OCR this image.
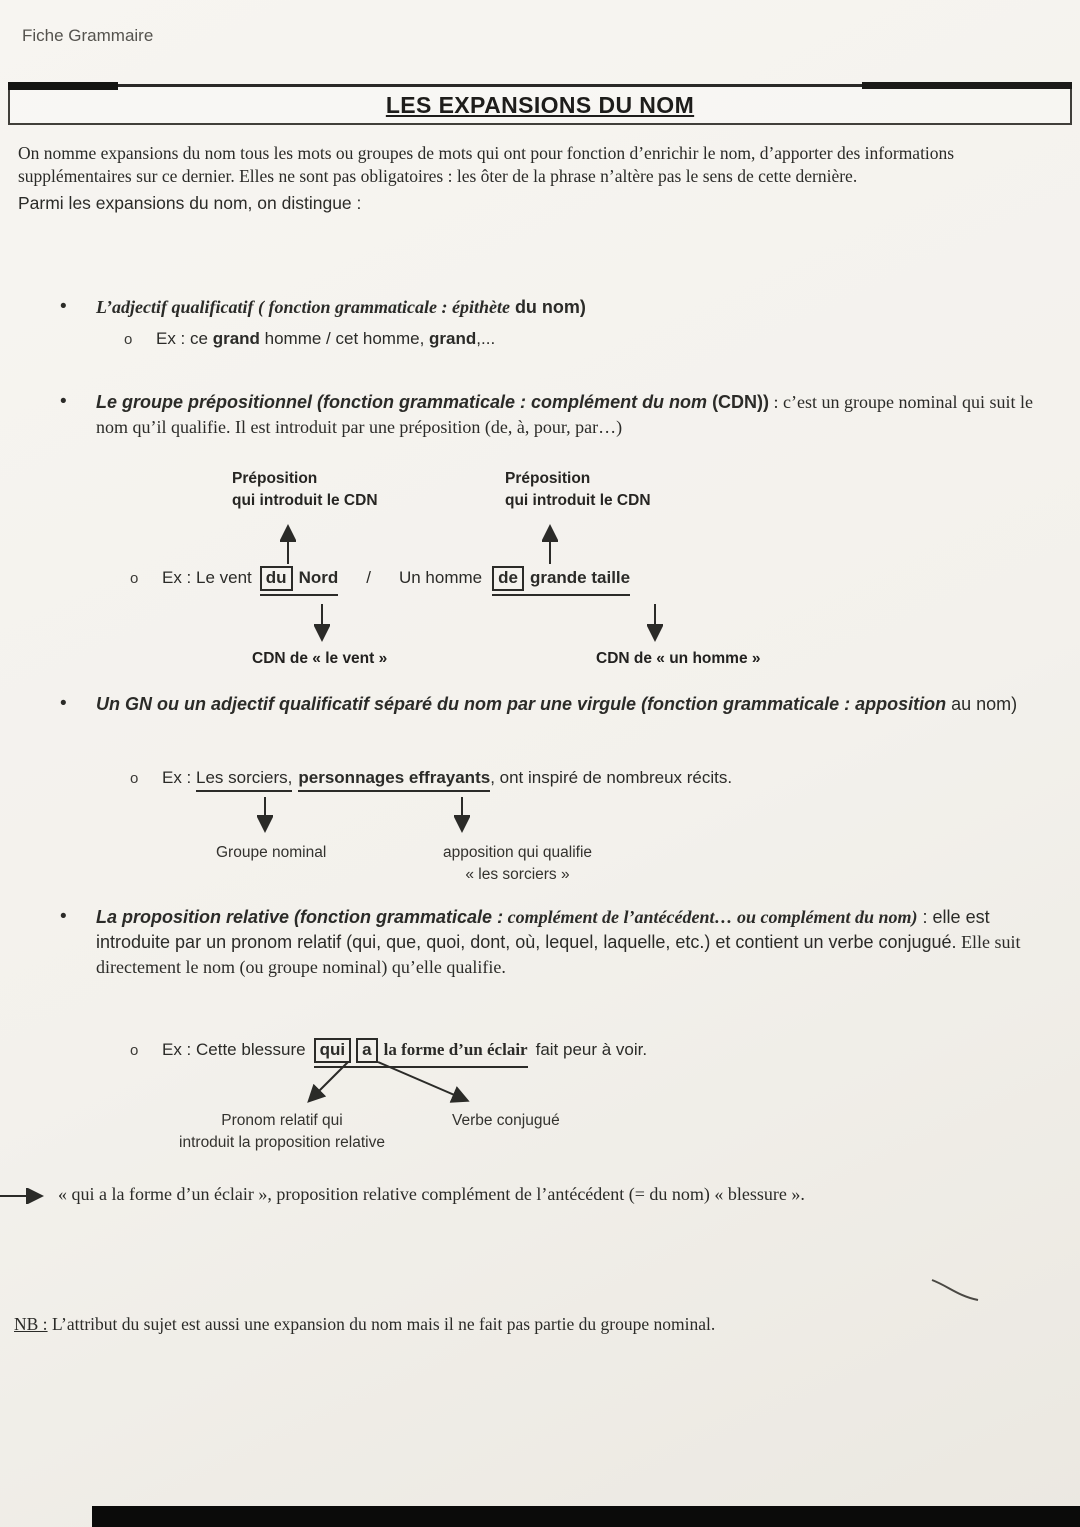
Fiche Grammaire
LES EXPANSIONS DU NOM

On nomme expansions du nom tous les mots ou groupes de mots qui ont pour fonction d’enrichir le nom, d’apporter des informations supplémentaires sur ce dernier. Elles ne sont pas obligatoires : les ôter de la phrase n’altère pas le sens de cette dernière.

Parmi les expansions du nom, on distingue :

•	L’adjectif qualificatif ( fonction grammaticale : épithète du nom)
o	Ex : ce grand homme / cet homme, grand,...
•	Le groupe prépositionnel (fonction grammaticale : complément du nom (CDN)) : c’est un groupe nominal qui suit le nom qu’il qualifie. Il est introduit par une préposition (de, à, pour, par…)
Préposition
qui introduit le CDN
Préposition
qui introduit le CDN
o	Ex : Le vent du Nord / Un homme de grande taille
CDN de « le vent »	CDN de « un homme »
•	Un GN ou un adjectif qualificatif séparé du nom par une virgule (fonction grammaticale : apposition au nom)
o	Ex : Les sorciers, personnages effrayants, ont inspiré de nombreux récits.
Groupe nominal	apposition qui qualifie
« les sorciers »
•	La proposition relative (fonction grammaticale : complément de l’antécédent… ou complément du nom) : elle est introduite par un pronom relatif (qui, que, quoi, dont, où, lequel, laquelle, etc.) et contient un verbe conjugué. Elle suit directement le nom (ou groupe nominal) qu’elle qualifie.
o	Ex : Cette blessure qui a la forme d’un éclair fait peur à voir.
Pronom relatif qui
introduit la proposition relative
Verbe conjugué
« qui a la forme d’un éclair », proposition relative complément de l’antécédent (= du nom) « blessure ».
NB : L’attribut du sujet est aussi une expansion du nom mais il ne fait pas partie du groupe nominal.
